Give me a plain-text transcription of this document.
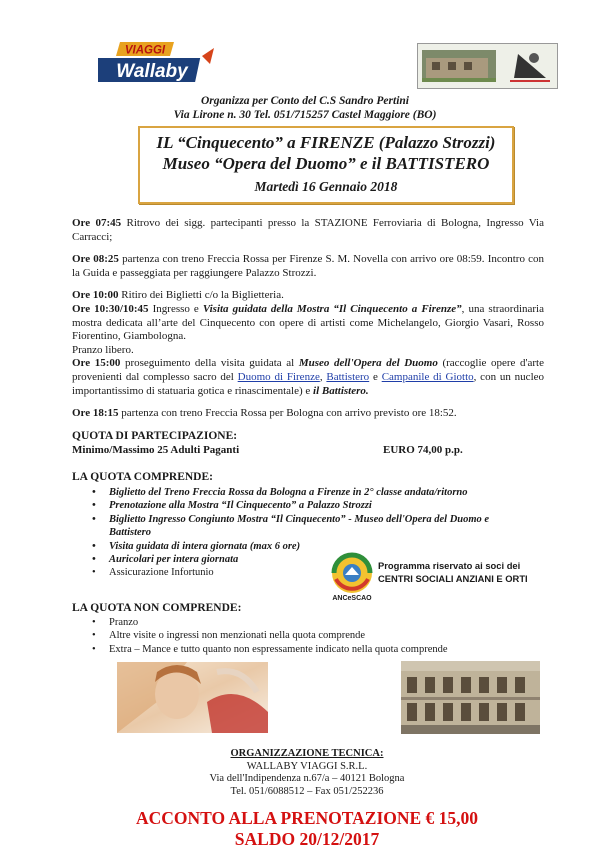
VIAGGI
Wallaby
Organizza per Conto del C.S Sandro Pertini
Via Lirone n. 30 Tel. 051/715257 Castel Maggiore (BO)
IL “Cinquecento” a FIRENZE (Palazzo Strozzi)
Museo “Opera del Duomo” e il BATTISTERO
Martedì 16 Gennaio 2018

Ore 07:45 Ritrovo dei sigg. partecipanti presso la STAZIONE Ferroviaria di Bologna, Ingresso Via Carracci;

Ore 08:25 partenza con treno Freccia Rossa per Firenze S. M. Novella con arrivo ore 08:59. Incontro con la Guida e passeggiata per raggiungere Palazzo Strozzi.

Ore 10:00 Ritiro dei Biglietti c/o la Biglietteria.

Ore 10:30/10:45 Ingresso e Visita guidata della Mostra “Il Cinquecento a Firenze”, una straordinaria mostra dedicata all’arte del Cinquecento con opere di artisti come Michelangelo, Giorgio Vasari, Rosso Fiorentino, Giambologna.

Pranzo libero.

Ore 15:00 proseguimento della visita guidata al Museo dell'Opera del Duomo (raccoglie opere d'arte provenienti dal complesso sacro del Duomo di Firenze, Battistero e Campanile di Giotto, con un nucleo importantissimo di statuaria gotica e rinascimentale) e il Battistero.

Ore 18:15 partenza con treno Freccia Rossa per Bologna con arrivo previsto ore 18:52.

QUOTA DI PARTECIPAZIONE:
Minimo/Massimo 25 Adulti Paganti	EURO 74,00 p.p.
LA QUOTA COMPRENDE:
• Biglietto del Treno Freccia Rossa da Bologna a Firenze in 2° classe andata/ritorno
• Prenotazione alla Mostra “Il Cinquecento” a Palazzo Strozzi
• Biglietto Ingresso Congiunto Mostra “Il Cinquecento” - Museo dell'Opera del Duomo e Battistero
• Visita guidata di intera giornata (max 6 ore)
• Auricolari per intera giornata
• Assicurazione Infortunio
ANCeSCAO
Programma riservato ai soci dei
CENTRI SOCIALI ANZIANI E ORTI
LA QUOTA NON COMPRENDE:
• Pranzo
• Altre visite o ingressi non menzionati nella quota comprende
• Extra – Mance e tutto quanto non espressamente indicato nella quota comprende
ORGANIZZAZIONE TECNICA:
WALLABY VIAGGI S.R.L.
Via dell'Indipendenza n.67/a – 40121 Bologna
Tel. 051/6088512 – Fax 051/252236
ACCONTO ALLA PRENOTAZIONE € 15,00
SALDO 20/12/2017
